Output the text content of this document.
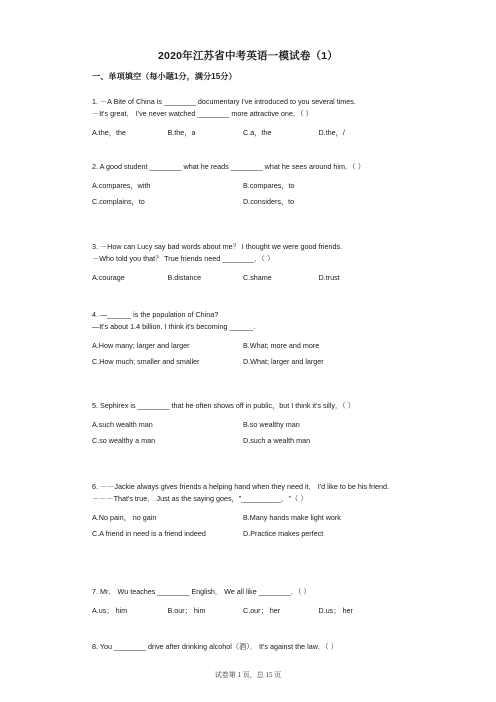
2020年江苏省中考英语一模试卷（1）
一、单项填空（每小题1分，满分15分）
1. －A Bite of China is ________ documentary I've introduced to you several times.
－It's great． I've never watched ________ more attractive one．（ ）
A.the，the	B.the，a	C.a，the	D.the，/
2. A good student ________ what he reads ________ what he sees around him．（ ）
A.compares，with	B.compares，to
C.complains，to	D.considers，to
3. －How can Lucy say bad words about me？ I thought we were good friends.
－Who told you that？ True friends need ________．（ ）
A.courage	B.distance	C.shame	D.trust
4. —______ is the population of China?
—It's about 1.4 billion. I think it's becoming ______.
A.How many; larger and larger	B.What; more and more
C.How much; smaller and smaller	D.What; larger and larger
5. Sephirex is ________ that he often shows off in public，but I think it's silly．（ ）
A.such wealth man	B.so wealthy man
C.so wealthy a man	D.such a wealth man
6. －－Jackie always gives friends a helping hand when they need it． I'd like to be his friend.
－－－That's true． Just as the saying goes，"__________．"（ ）
A.No pain， no gain	B.Many hands make light work
C.A friend in need is a friend indeed	D.Practice makes perfect
7. Mr． Wu teaches ________ English． We all like ________．（ ）
A.us； him	B.our； him	C.our； her	D.us； her
8. You ________ drive after drinking alcohol（酒）． It's against the law．（ ）
试卷第 1 页，总 15 页
